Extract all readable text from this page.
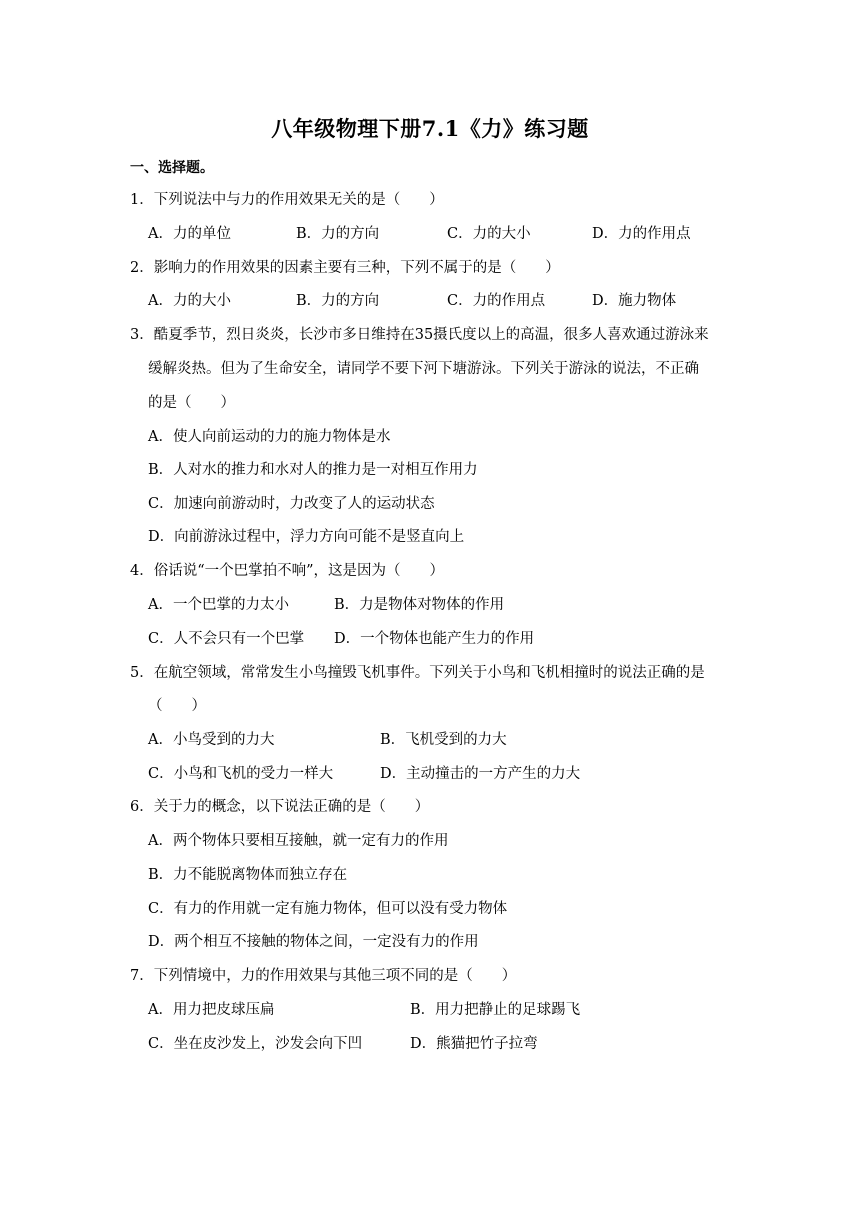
八年级物理下册7.1《力》练习题
一、选择题。
1．下列说法中与力的作用效果无关的是（　　）
A．力的单位	B．力的方向	C．力的大小	D．力的作用点
2．影响力的作用效果的因素主要有三种，下列不属于的是（　　）
A．力的大小	B．力的方向	C．力的作用点	D．施力物体
3．酷夏季节，烈日炎炎，长沙市多日维持在35摄氏度以上的高温，很多人喜欢通过游泳来
缓解炎热。但为了生命安全，请同学不要下河下塘游泳。下列关于游泳的说法，不正确
的是（　　）
A．使人向前运动的力的施力物体是水
B．人对水的推力和水对人的推力是一对相互作用力
C．加速向前游动时，力改变了人的运动状态
D．向前游泳过程中，浮力方向可能不是竖直向上
4．俗话说“一个巴掌拍不响”，这是因为（　　）
A．一个巴掌的力太小	B．力是物体对物体的作用
C．人不会只有一个巴掌 D．一个物体也能产生力的作用
5．在航空领域，常常发生小鸟撞毁飞机事件。下列关于小鸟和飞机相撞时的说法正确的是
（　　）
A．小鸟受到的力大	B．飞机受到的力大
C．小鸟和飞机的受力一样大	D．主动撞击的一方产生的力大
6．关于力的概念，以下说法正确的是（　　）
A．两个物体只要相互接触，就一定有力的作用
B．力不能脱离物体而独立存在
C．有力的作用就一定有施力物体，但可以没有受力物体
D．两个相互不接触的物体之间，一定没有力的作用
7．下列情境中，力的作用效果与其他三项不同的是（　　）
A．用力把皮球压扁	B．用力把静止的足球踢飞
C．坐在皮沙发上，沙发会向下凹	D．熊猫把竹子拉弯
